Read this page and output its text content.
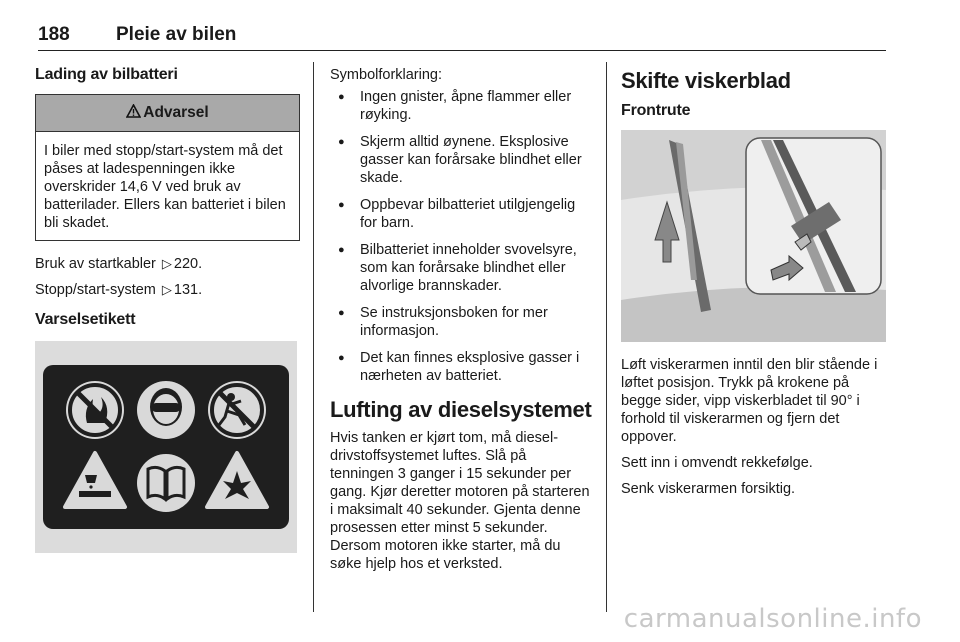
188 Pleie av bilen
Lading av bilbatteri
Advarsel
I biler med stopp/start-system må det påses at ladespenningen ikke overskrider 14,6 V ved bruk av batterilader. Ellers kan batteriet i bilen bli skadet.

Bruk av startkabler ▷ 220.

Stopp/start-system ▷ 131.

Varselsetikett

Symbolforklaring:

● Ingen gnister, åpne flammer eller røyking.
● Skjerm alltid øynene. Eksplosive gasser kan forårsake blindhet eller skade.
● Oppbevar bilbatteriet utilgjengelig for barn.
● Bilbatteriet inneholder svovelsyre, som kan forårsake blindhet eller alvorlige brannskader.
● Se instruksjonsboken for mer informasjon.
● Det kan finnes eksplosive gasser i nærheten av batteriet.
Lufting av dieselsystemet

Hvis tanken er kjørt tom, må dieseldrivstoffsystemet luftes. Slå på tenningen 3 ganger i 15 sekunder per gang. Kjør deretter motoren på starteren i maksimalt 40 sekunder. Gjenta denne prosessen etter minst 5 sekunder. Dersom motoren ikke starter, må du søke hjelp hos et verksted.

Skifte viskerblad
Frontrute

Løft viskerarmen inntil den blir stående i løftet posisjon. Trykk på krokene på begge sider, vipp viskerbladet til 90° i forhold til viskerarmen og fjern det oppover.

Sett inn i omvendt rekkefølge.

Senk viskerarmen forsiktig.

carmanualsonline.info
